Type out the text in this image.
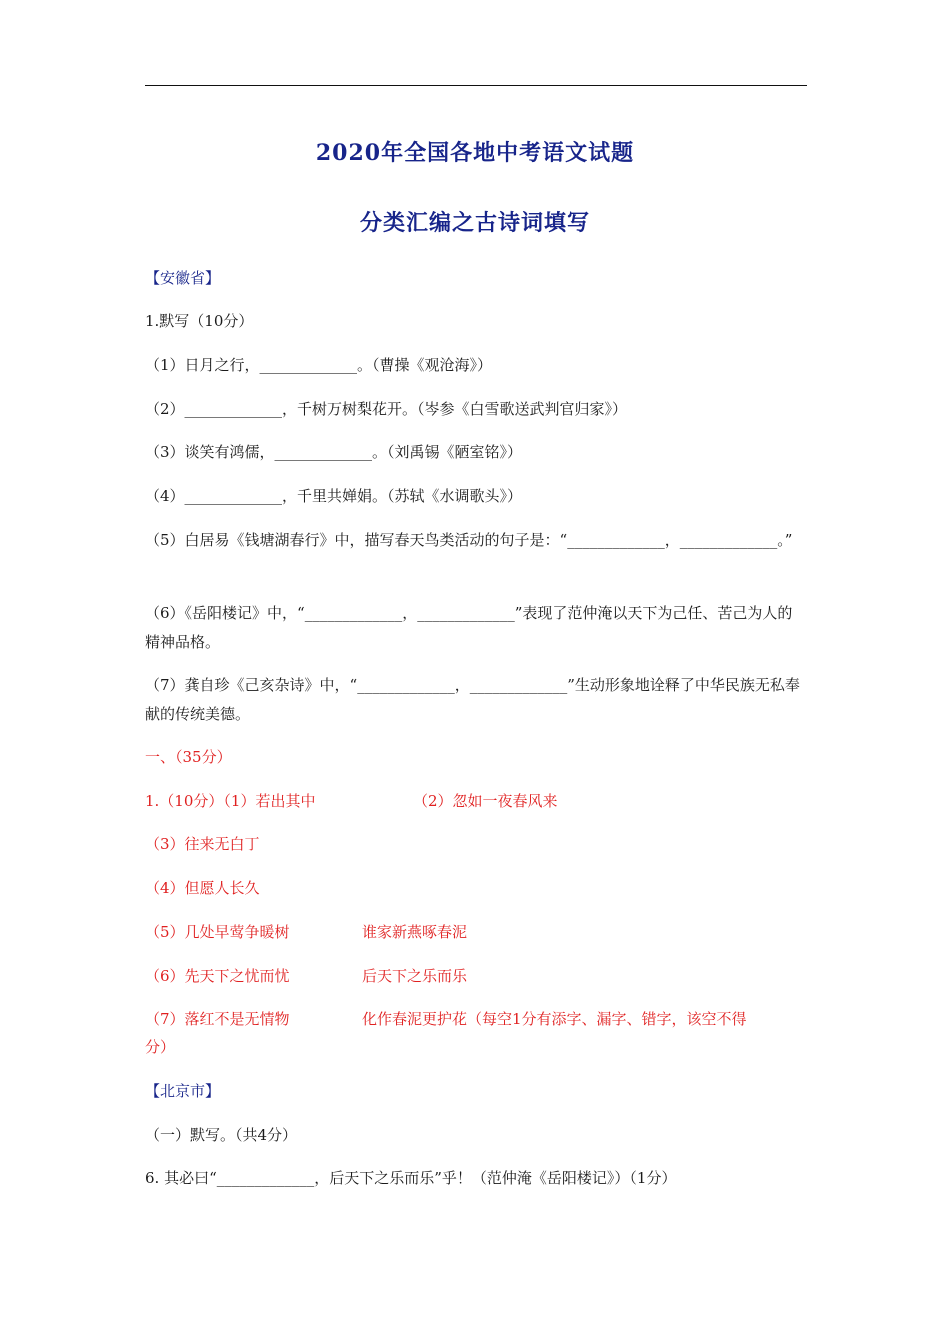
2020年全国各地中考语文试题
分类汇编之古诗词填写
【安徽省】
1.默写（10分）
（1）日月之行，_____________。（曹操《观沧海》）
（2）_____________，千树万树梨花开。（岑参《白雪歌送武判官归家》）
（3）谈笑有鸿儒，_____________。（刘禹锡《陋室铭》）
（4）_____________，千里共婵娟。（苏轼《水调歌头》）
（5）白居易《钱塘湖春行》中，描写春天鸟类活动的句子是：“_____________，_____________。”
（6）《岳阳楼记》中，“_____________，_____________”表现了范仲淹以天下为己任、苦己为人的精神品格。
（7）龚自珍《己亥杂诗》中，“_____________，_____________”生动形象地诠释了中华民族无私奉献的传统美德。
一、（35分）
1.（10分）（1）若出其中	（2）忽如一夜春风来
（3）往来无白丁
（4）但愿人长久
（5）几处早莺争暖树	谁家新燕啄春泥
（6）先天下之忧而忧	后天下之乐而乐
（7）落红不是无情物	化作春泥更护花（每空1分有添字、漏字、错字，该空不得
分）
【北京市】
（一）默写。（共4分）
6. 其必曰“_____________，后天下之乐而乐”乎！（范仲淹《岳阳楼记》）（1分）
